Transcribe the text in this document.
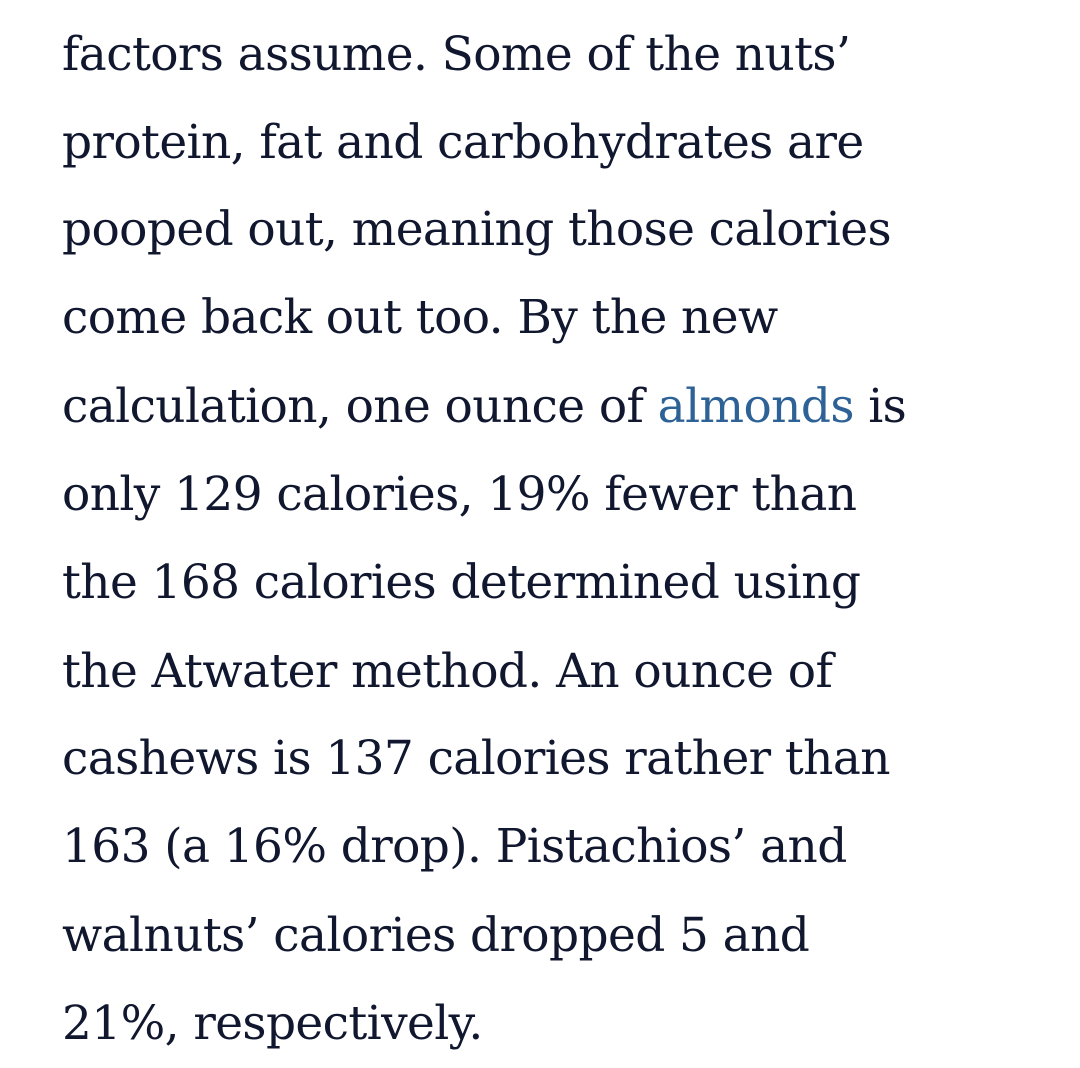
factors assume. Some of the nuts’
protein, fat and carbohydrates are
pooped out, meaning those calories
come back out too. By the new
calculation, one ounce of almonds is
only 129 calories, 19% fewer than
the 168 calories determined using
the Atwater method. An ounce of
cashews is 137 calories rather than
163 (a 16% drop). Pistachios’ and
walnuts’ calories dropped 5 and
21%, respectively.
